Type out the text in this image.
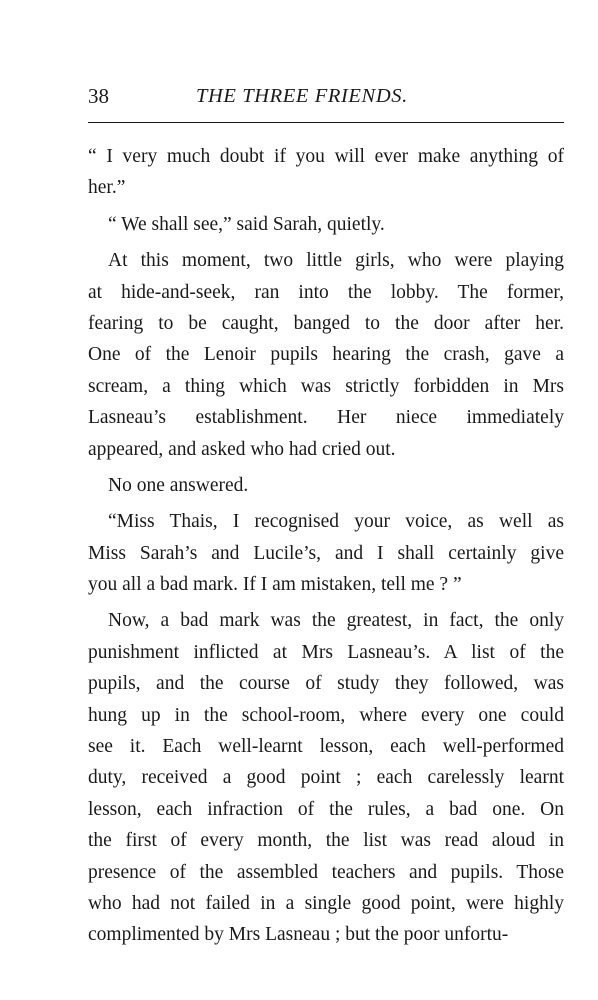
38	THE THREE FRIENDS.
“ I very much doubt if you will ever make anything of
her.”
“ We shall see,” said Sarah, quietly.
At this moment, two little girls, who were playing
at hide-and-seek, ran into the lobby. The former,
fearing to be caught, banged to the door after her.
One of the Lenoir pupils hearing the crash, gave a
scream, a thing which was strictly forbidden in Mrs
Lasneau’s establishment. Her niece immediately
appeared, and asked who had cried out.
No one answered.
“Miss Thais, I recognised your voice, as well as
Miss Sarah’s and Lucile’s, and I shall certainly give
you all a bad mark. If I am mistaken, tell me ? ”
Now, a bad mark was the greatest, in fact, the only
punishment inflicted at Mrs Lasneau’s. A list of the
pupils, and the course of study they followed, was
hung up in the school-room, where every one could
see it. Each well-learnt lesson, each well-performed
duty, received a good point ; each carelessly learnt
lesson, each infraction of the rules, a bad one. On
the first of every month, the list was read aloud in
presence of the assembled teachers and pupils. Those
who had not failed in a single good point, were highly
complimented by Mrs Lasneau ; but the poor unfortu-
